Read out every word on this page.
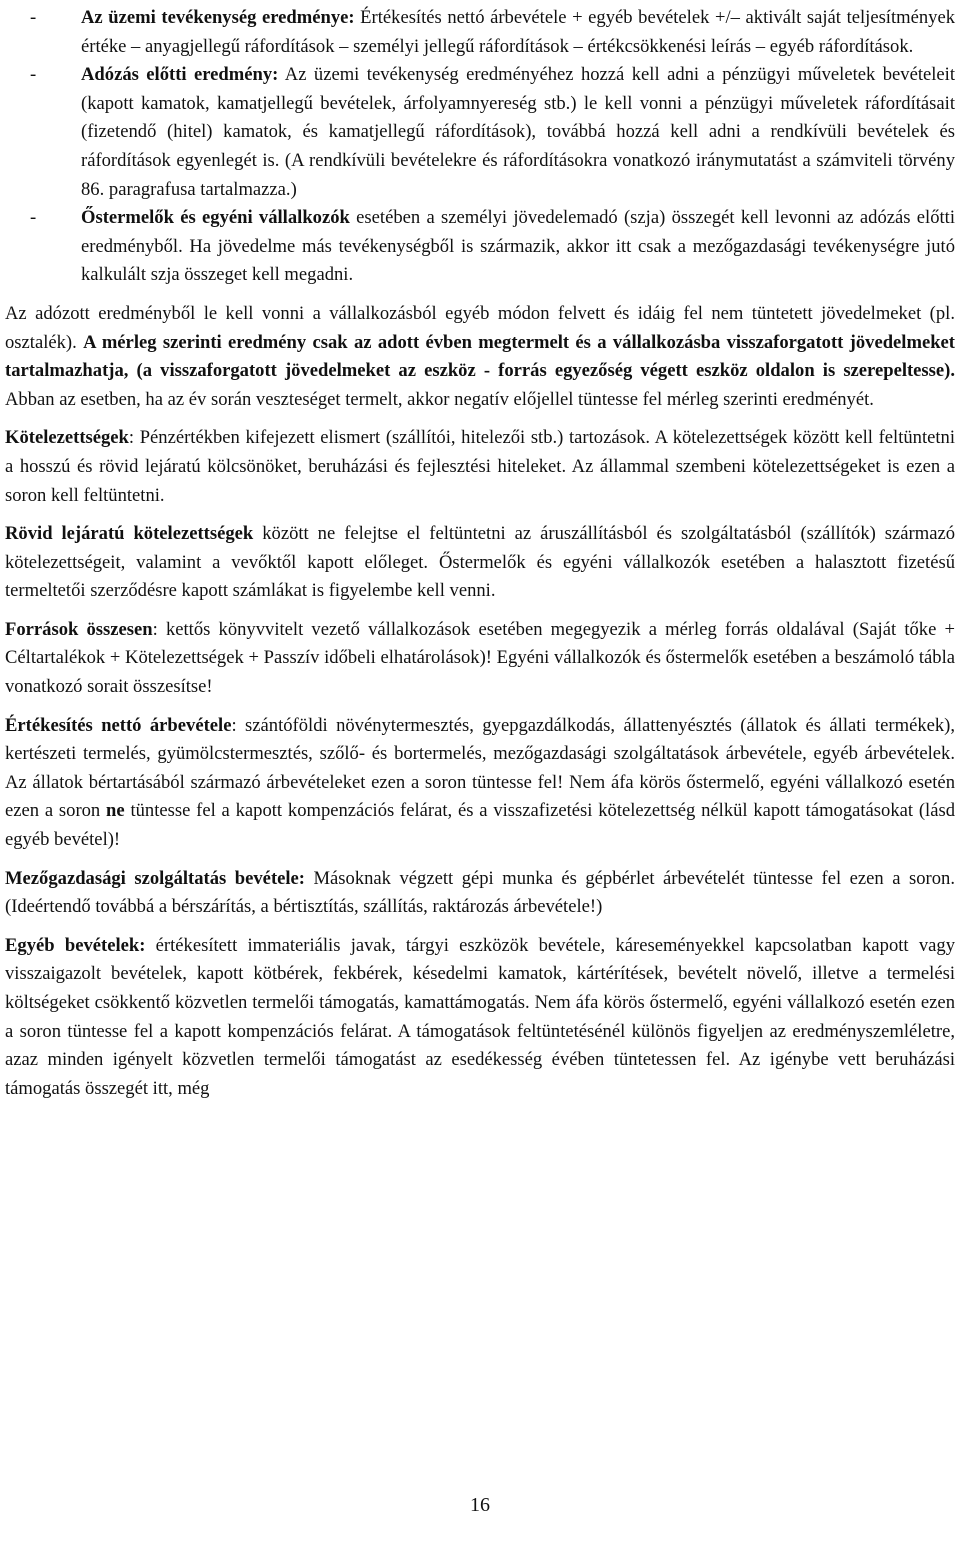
- Az üzemi tevékenység eredménye: Értékesítés nettó árbevétele + egyéb bevételek +/– aktivált saját teljesítmények értéke – anyagjellegű ráfordítások – személyi jellegű ráfordítások – értékcsökkenési leírás – egyéb ráfordítások.

- Adózás előtti eredmény: Az üzemi tevékenység eredményéhez hozzá kell adni a pénzügyi műveletek bevételeit (kapott kamatok, kamatjellegű bevételek, árfolyamnyereség stb.) le kell vonni a pénzügyi műveletek ráfordításait (fizetendő (hitel) kamatok, és kamatjellegű ráfordítások), továbbá hozzá kell adni a rendkívüli bevételek és ráfordítások egyenlegét is. (A rendkívüli bevételekre és ráfordításokra vonatkozó iránymutatást a számviteli törvény 86. paragrafusa tartalmazza.)

- Őstermelők és egyéni vállalkozók esetében a személyi jövedelemadó (szja) összegét kell levonni az adózás előtti eredményből. Ha jövedelme más tevékenységből is származik, akkor itt csak a mezőgazdasági tevékenységre jutó kalkulált szja összeget kell megadni.

Az adózott eredményből le kell vonni a vállalkozásból egyéb módon felvett és idáig fel nem tüntetett jövedelmeket (pl. osztalék). A mérleg szerinti eredmény csak az adott évben megtermelt és a vállalkozásba visszaforgatott jövedelmeket tartalmazhatja, (a visszaforgatott jövedelmeket az eszköz - forrás egyezőség végett eszköz oldalon is szerepeltesse). Abban az esetben, ha az év során veszteséget termelt, akkor negatív előjellel tüntesse fel mérleg szerinti eredményét.

Kötelezettségek: Pénzértékben kifejezett elismert (szállítói, hitelezői stb.) tartozások. A kötelezettségek között kell feltüntetni a hosszú és rövid lejáratú kölcsönöket, beruházási és fejlesztési hiteleket. Az állammal szembeni kötelezettségeket is ezen a soron kell feltüntetni.

Rövid lejáratú kötelezettségek között ne felejtse el feltüntetni az áruszállításból és szolgáltatásból (szállítók) származó kötelezettségeit, valamint a vevőktől kapott előleget. Őstermelők és egyéni vállalkozók esetében a halasztott fizetésű termeltetői szerződésre kapott számlákat is figyelembe kell venni.

Források összesen: kettős könyvvitelt vezető vállalkozások esetében megegyezik a mérleg forrás oldalával (Saját tőke + Céltartalékok + Kötelezettségek + Passzív időbeli elhatárolások)! Egyéni vállalkozók és őstermelők esetében a beszámoló tábla vonatkozó sorait összesítse!

Értékesítés nettó árbevétele: szántóföldi növénytermesztés, gyepgazdálkodás, állattenyésztés (állatok és állati termékek), kertészeti termelés, gyümölcstermesztés, szőlő- és bortermelés, mezőgazdasági szolgáltatások árbevétele, egyéb árbevételek. Az állatok bértartásából származó árbevételeket ezen a soron tüntesse fel! Nem áfa körös őstermelő, egyéni vállalkozó esetén ezen a soron ne tüntesse fel a kapott kompenzációs felárat, és a visszafizetési kötelezettség nélkül kapott támogatásokat (lásd egyéb bevétel)!

Mezőgazdasági szolgáltatás bevétele: Másoknak végzett gépi munka és gépbérlet árbevételét tüntesse fel ezen a soron. (Ideértendő továbbá a bérszárítás, a bértisztítás, szállítás, raktározás árbevétele!)

Egyéb bevételek: értékesített immateriális javak, tárgyi eszközök bevétele, káreseményekkel kapcsolatban kapott vagy visszaigazolt bevételek, kapott kötbérek, fekbérek, késedelmi kamatok, kártérítések, bevételt növelő, illetve a termelési költségeket csökkentő közvetlen termelői támogatás, kamattámogatás. Nem áfa körös őstermelő, egyéni vállalkozó esetén ezen a soron tüntesse fel a kapott kompenzációs felárat. A támogatások feltüntetésénél különös figyeljen az eredményszemléletre, azaz minden igényelt közvetlen termelői támogatást az esedékesség évében tüntetessen fel. Az igénybe vett beruházási támogatás összegét itt, még

16
